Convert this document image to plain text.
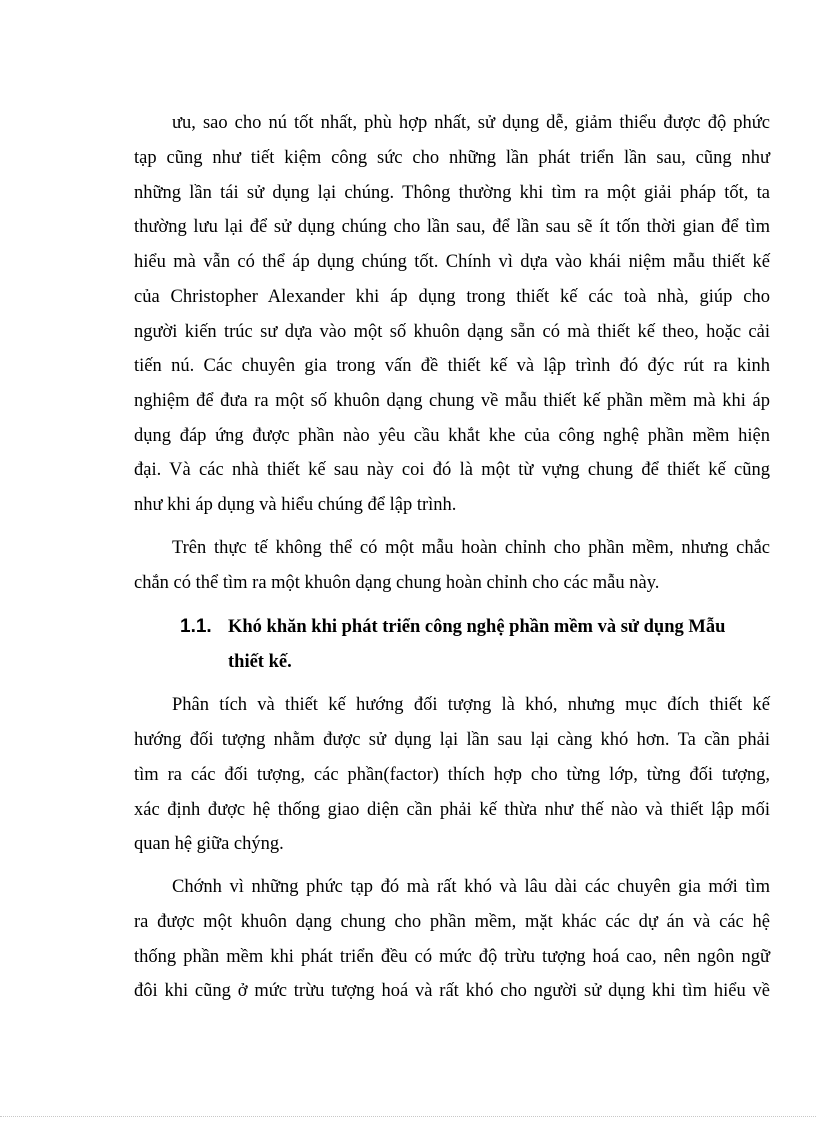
ưu, sao cho nú tốt nhất, phù hợp nhất, sử dụng dễ, giảm thiểu được độ phức
tạp cũng như tiết kiệm công sức cho những lần phát triển lần sau, cũng như
những lần tái sử dụng lại chúng. Thông thường khi tìm ra một giải pháp tốt, ta
thường lưu lại để sử dụng chúng cho lần sau, để lần sau sẽ ít tốn thời gian để tìm
hiểu mà vẫn có thể áp dụng chúng tốt. Chính vì dựa vào khái niệm mẫu thiết kế
của Christopher Alexander khi áp dụng trong thiết kế các toà nhà, giúp cho
người kiến trúc sư dựa vào một số khuôn dạng sẵn có mà thiết kế theo, hoặc cải
tiến nú. Các chuyên gia trong vấn đề thiết kế và lập trình đó đýc rút ra kinh
nghiệm để đưa ra một số khuôn dạng chung về mẫu thiết kế phần mềm mà khi áp
dụng đáp ứng được phần nào yêu cầu khắt khe của công nghệ phần mềm hiện
đại. Và các nhà thiết kế sau này coi đó là một từ vựng chung để thiết kế cũng
như khi áp dụng và hiểu chúng để lập trình.
Trên thực tế không thể có một mẫu hoàn chỉnh cho phần mềm, nhưng chắc
chắn có thể tìm ra một khuôn dạng chung hoàn chỉnh cho các mẫu này.
1.1. Khó khăn khi phát triển công nghệ phần mềm và sử dụng Mẫu
thiết kế.
Phân tích và thiết kế hướng đối tượng là khó, nhưng mục đích thiết kế
hướng đối tượng nhằm được sử dụng lại lần sau lại càng khó hơn. Ta cần phải
tìm ra các đối tượng, các phần(factor) thích hợp cho từng lớp, từng đối tượng,
xác định được hệ thống giao diện cần phải kế thừa như thế nào và thiết lập mối
quan hệ giữa chýng.
Chớnh vì những phức tạp đó mà rất khó và lâu dài các chuyên gia mới tìm
ra được một khuôn dạng chung cho phần mềm, mặt khác các dự án và các hệ
thống phần mềm khi phát triển đều có mức độ trừu tượng hoá cao, nên ngôn ngữ
đôi khi cũng ở mức trừu tượng hoá và rất khó cho người sử dụng khi tìm hiểu về
